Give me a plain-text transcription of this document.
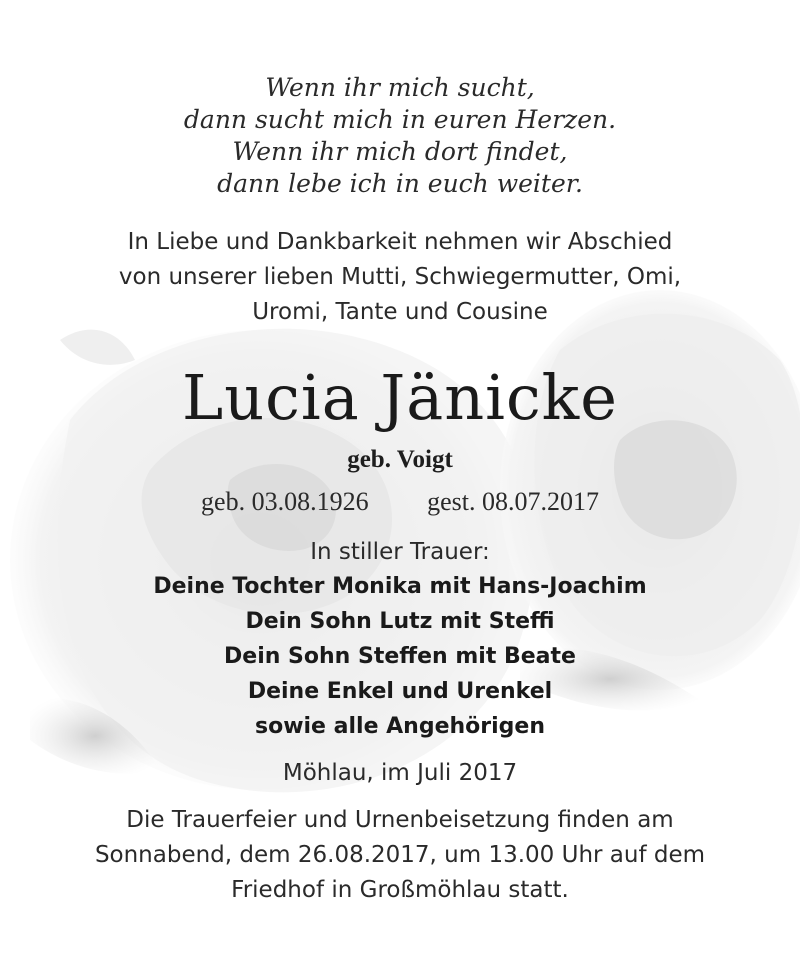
Wenn ihr mich sucht,
dann sucht mich in euren Herzen.
Wenn ihr mich dort findet,
dann lebe ich in euch weiter.
In Liebe und Dankbarkeit nehmen wir Abschied
von unserer lieben Mutti, Schwiegermutter, Omi,
Uromi, Tante und Cousine
Lucia Jänicke
geb. Voigt
geb. 03.08.1926 gest. 08.07.2017
In stiller Trauer:
Deine Tochter Monika mit Hans-Joachim
Dein Sohn Lutz mit Steffi
Dein Sohn Steffen mit Beate
Deine Enkel und Urenkel
sowie alle Angehörigen
Möhlau, im Juli 2017
Die Trauerfeier und Urnenbeisetzung finden am
Sonnabend, dem 26.08.2017, um 13.00 Uhr auf dem
Friedhof in Großmöhlau statt.
